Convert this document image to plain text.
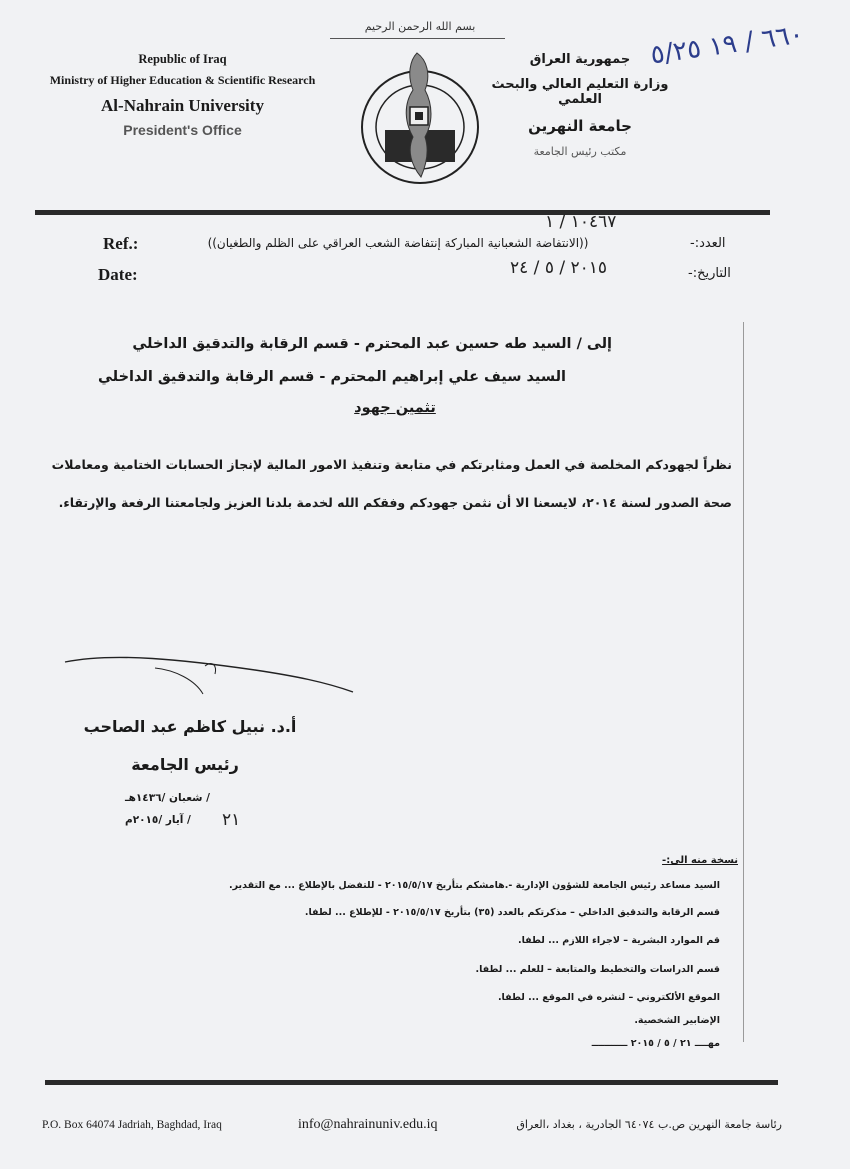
Republic of Iraq
Ministry of Higher Education & Scientific Research
Al-Nahrain University
President's Office
بسم الله الرحمن الرحيم
جمهورية العراق
وزارة التعليم العالي والبحث العلمي
جامعة النهرين
مكتب رئيس الجامعة
٦٦٠ / ١٩ ٥/٢٥
Ref.:
Date:
١٠٤٦٧ / ١
العدد:-
((الانتفاضة الشعبانية المباركة إنتفاضة الشعب العراقي على الظلم والطغيان))
التاريخ:-
٢٠١٥ / ٥ / ٢٤
إلى / السيد طه حسين عبد المحترم - قسم الرقابة والتدقيق الداخلي
السيد سيف علي إبراهيم المحترم - قسم الرقابة والتدقيق الداخلي
تثمين جهود
نظراً لجهودكم المخلصة في العمل ومثابرتكم في متابعة وتنفيذ الامور المالية لإنجاز الحسابات الختامية ومعاملات
صحة الصدور لسنة ٢٠١٤، لايسعنا الا أن نثمن جهودكم وفقكم الله لخدمة بلدنا العزيز ولجامعتنا الرفعة والإرتقاء.
أ.د. نبيل كاظم عبد الصاحب
رئيس الجامعة
/ شعبان /١٤٣٦هـ
/ آيار /٢٠١٥م ٢١
نسخة منه الى:-
السيد مساعد رئيس الجامعة للشؤون الإدارية -.هامشكم بتأريخ ٢٠١٥/٥/١٧ - للتفضل بالإطلاع ... مع التقدير.
قسم الرقابة والتدقيق الداخلي – مذكرتكم بالعدد (٣٥) بتأريخ ٢٠١٥/٥/١٧ - للإطلاع ... لطفا.
قم الموارد البشرية – لاجراء اللازم ... لطفا.
قسم الدراسات والتخطيط والمتابعة – للعلم ... لطفا.
الموقع الألكتروني – لنشره في الموقع ... لطفا.
الإضابير الشخصية.
مهــــ ٢١ / ٥ / ٢٠١٥ ـــــــــــ
P.O. Box 64074 Jadriah, Baghdad, Iraq	info@nahrainuniv.edu.iq	رئاسة جامعة النهرين ص.ب ٦٤٠٧٤ الجادرية ، بغداد ،العراق
